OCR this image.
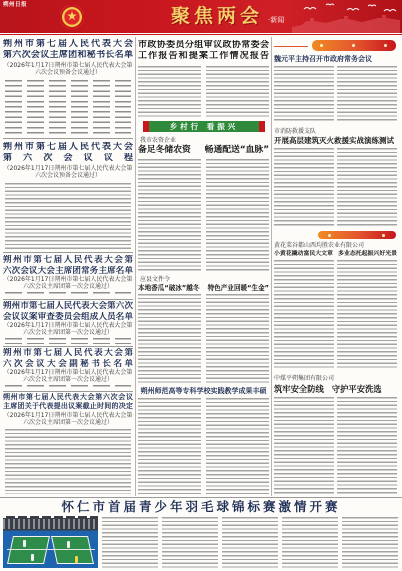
朔州日报	聚焦两会 ·新闻
朔州市第七届人民代表大会
第六次会议主席团和秘书长名单
（2026年1月17日朔州市第七届人民代表大会第六次会议预备会议通过）
朔州市第七届人民代表大会
第六次会议议程
（2026年1月17日朔州市第七届人民代表大会第六次会议预备会议通过）
朔州市第七届人民代表大会第
六次会议大会主席团常务主席名单
（2026年1月17日朔州市第七届人民代表大会第六次会议主席团第一次会议通过）
朔州市第七届人民代表大会第六次
会议议案审查委员会组成人员名单
（2026年1月17日朔州市第七届人民代表大会第六次会议主席团第一次会议通过）
朔州市第七届人民代表大会第
六次会议大会副秘书长名单
（2026年1月17日朔州市第七届人民代表大会第六次会议主席团第一次会议通过）
朔州市第七届人民代表大会第六次会议
主席团关于代表提出议案截止时间的决定
（2026年1月17日朔州市第七届人民代表大会第六次会议主席团第一次会议通过）
市政协委员分组审议政协常委会
工作报告和提案工作情况报告
乡村行 看振兴
我市农资企业
备足冬储农资 畅通配送“血脉”
应县文件令
本地香瓜“破冰”越冬 特色产业回暖“生金”
朔州师范高等专科学校实践教学成果丰硕
魏元平主持召开市政府常务会议
市消防救援支队
开展高层建筑灭火救援实战演练测试
黄花菜谷都山西均胜农业有限公司
小黄花撬动富民大文章 多业态托起振兴好光景
中煤平朔集团有限公司
筑牢安全防线 守护平安洗选
怀仁市首届青少年羽毛球锦标赛激情开赛
